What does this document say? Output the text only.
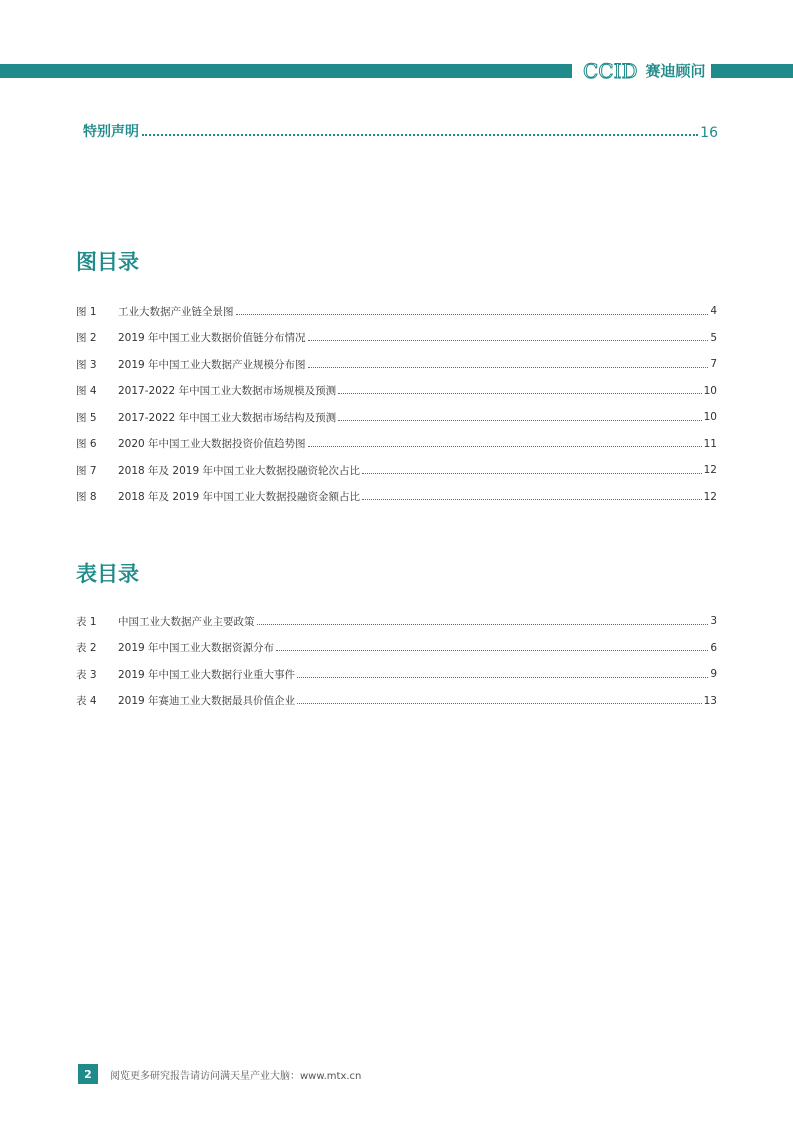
CCID 赛迪顾问
特别声明	16
图目录
图 1	工业大数据产业链全景图	4
图 2	2019 年中国工业大数据价值链分布情况	5
图 3	2019 年中国工业大数据产业规模分布图	7
图 4	2017-2022 年中国工业大数据市场规模及预测	10
图 5	2017-2022 年中国工业大数据市场结构及预测	10
图 6	2020 年中国工业大数据投资价值趋势图	11
图 7	2018 年及 2019 年中国工业大数据投融资轮次占比	12
图 8	2018 年及 2019 年中国工业大数据投融资金额占比	12
表目录
表 1	中国工业大数据产业主要政策	3
表 2	2019 年中国工业大数据资源分布	6
表 3	2019 年中国工业大数据行业重大事件	9
表 4	2019 年赛迪工业大数据最具价值企业	13
2	阅览更多研究报告请访问满天星产业大脑：www.mtx.cn
